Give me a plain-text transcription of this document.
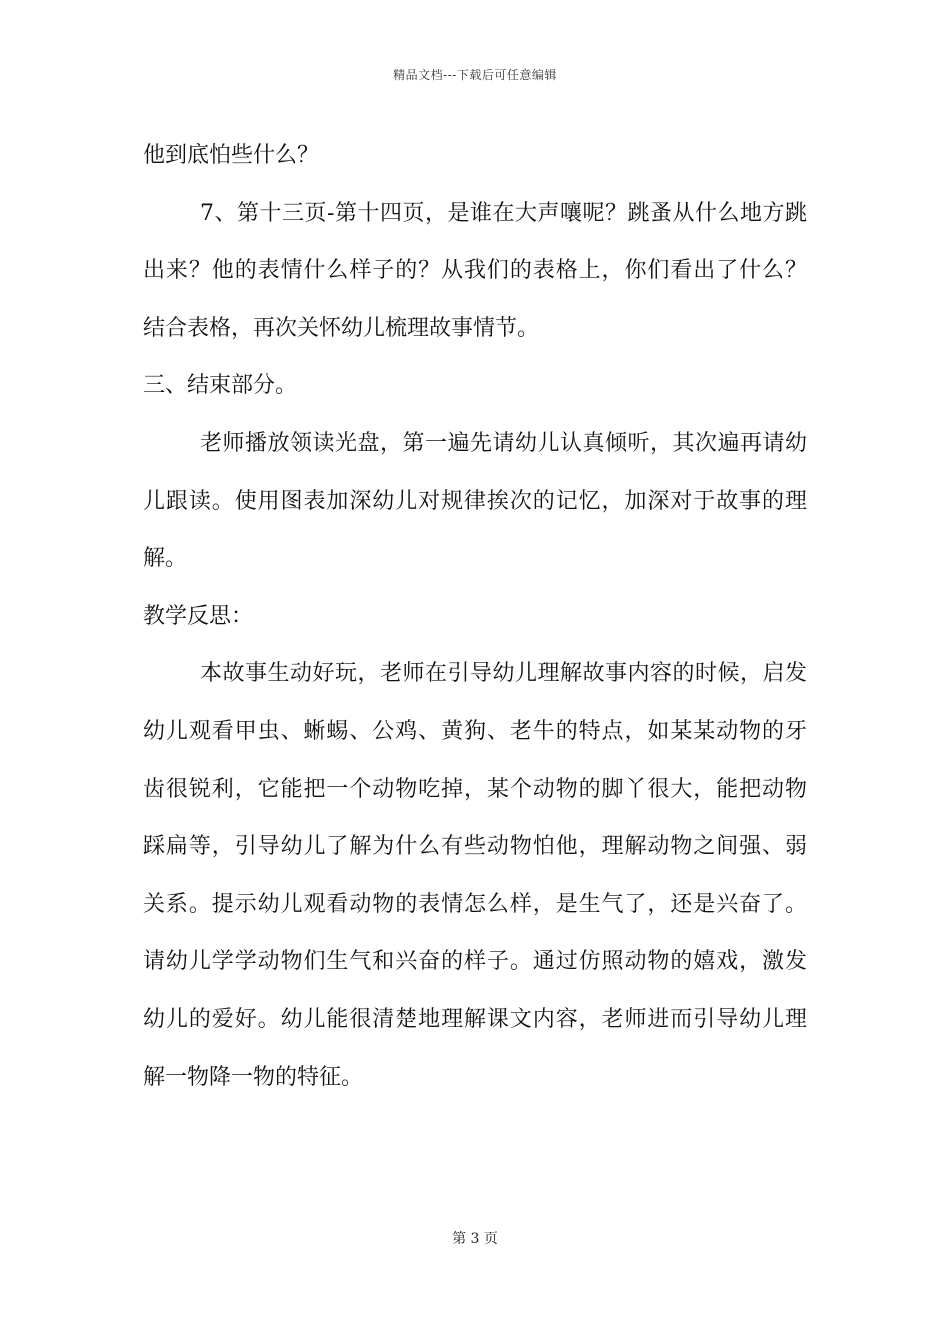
精品文档---下载后可任意编辑
他到底怕些什么？
7、第十三页-第十四页，是谁在大声嚷呢？跳蚤从什么地方跳
出来？他的表情什么样子的？从我们的表格上，你们看出了什么？
结合表格，再次关怀幼儿梳理故事情节。
三、结束部分。
老师播放领读光盘，第一遍先请幼儿认真倾听，其次遍再请幼
儿跟读。使用图表加深幼儿对规律挨次的记忆，加深对于故事的理
解。
教学反思：
本故事生动好玩，老师在引导幼儿理解故事内容的时候，启发
幼儿观看甲虫、蜥蜴、公鸡、黄狗、老牛的特点，如某某动物的牙
齿很锐利，它能把一个动物吃掉，某个动物的脚丫很大，能把动物
踩扁等，引导幼儿了解为什么有些动物怕他，理解动物之间强、弱
关系。提示幼儿观看动物的表情怎么样，是生气了，还是兴奋了。
请幼儿学学动物们生气和兴奋的样子。通过仿照动物的嬉戏，激发
幼儿的爱好。幼儿能很清楚地理解课文内容，老师进而引导幼儿理
解一物降一物的特征。
第 3 页
